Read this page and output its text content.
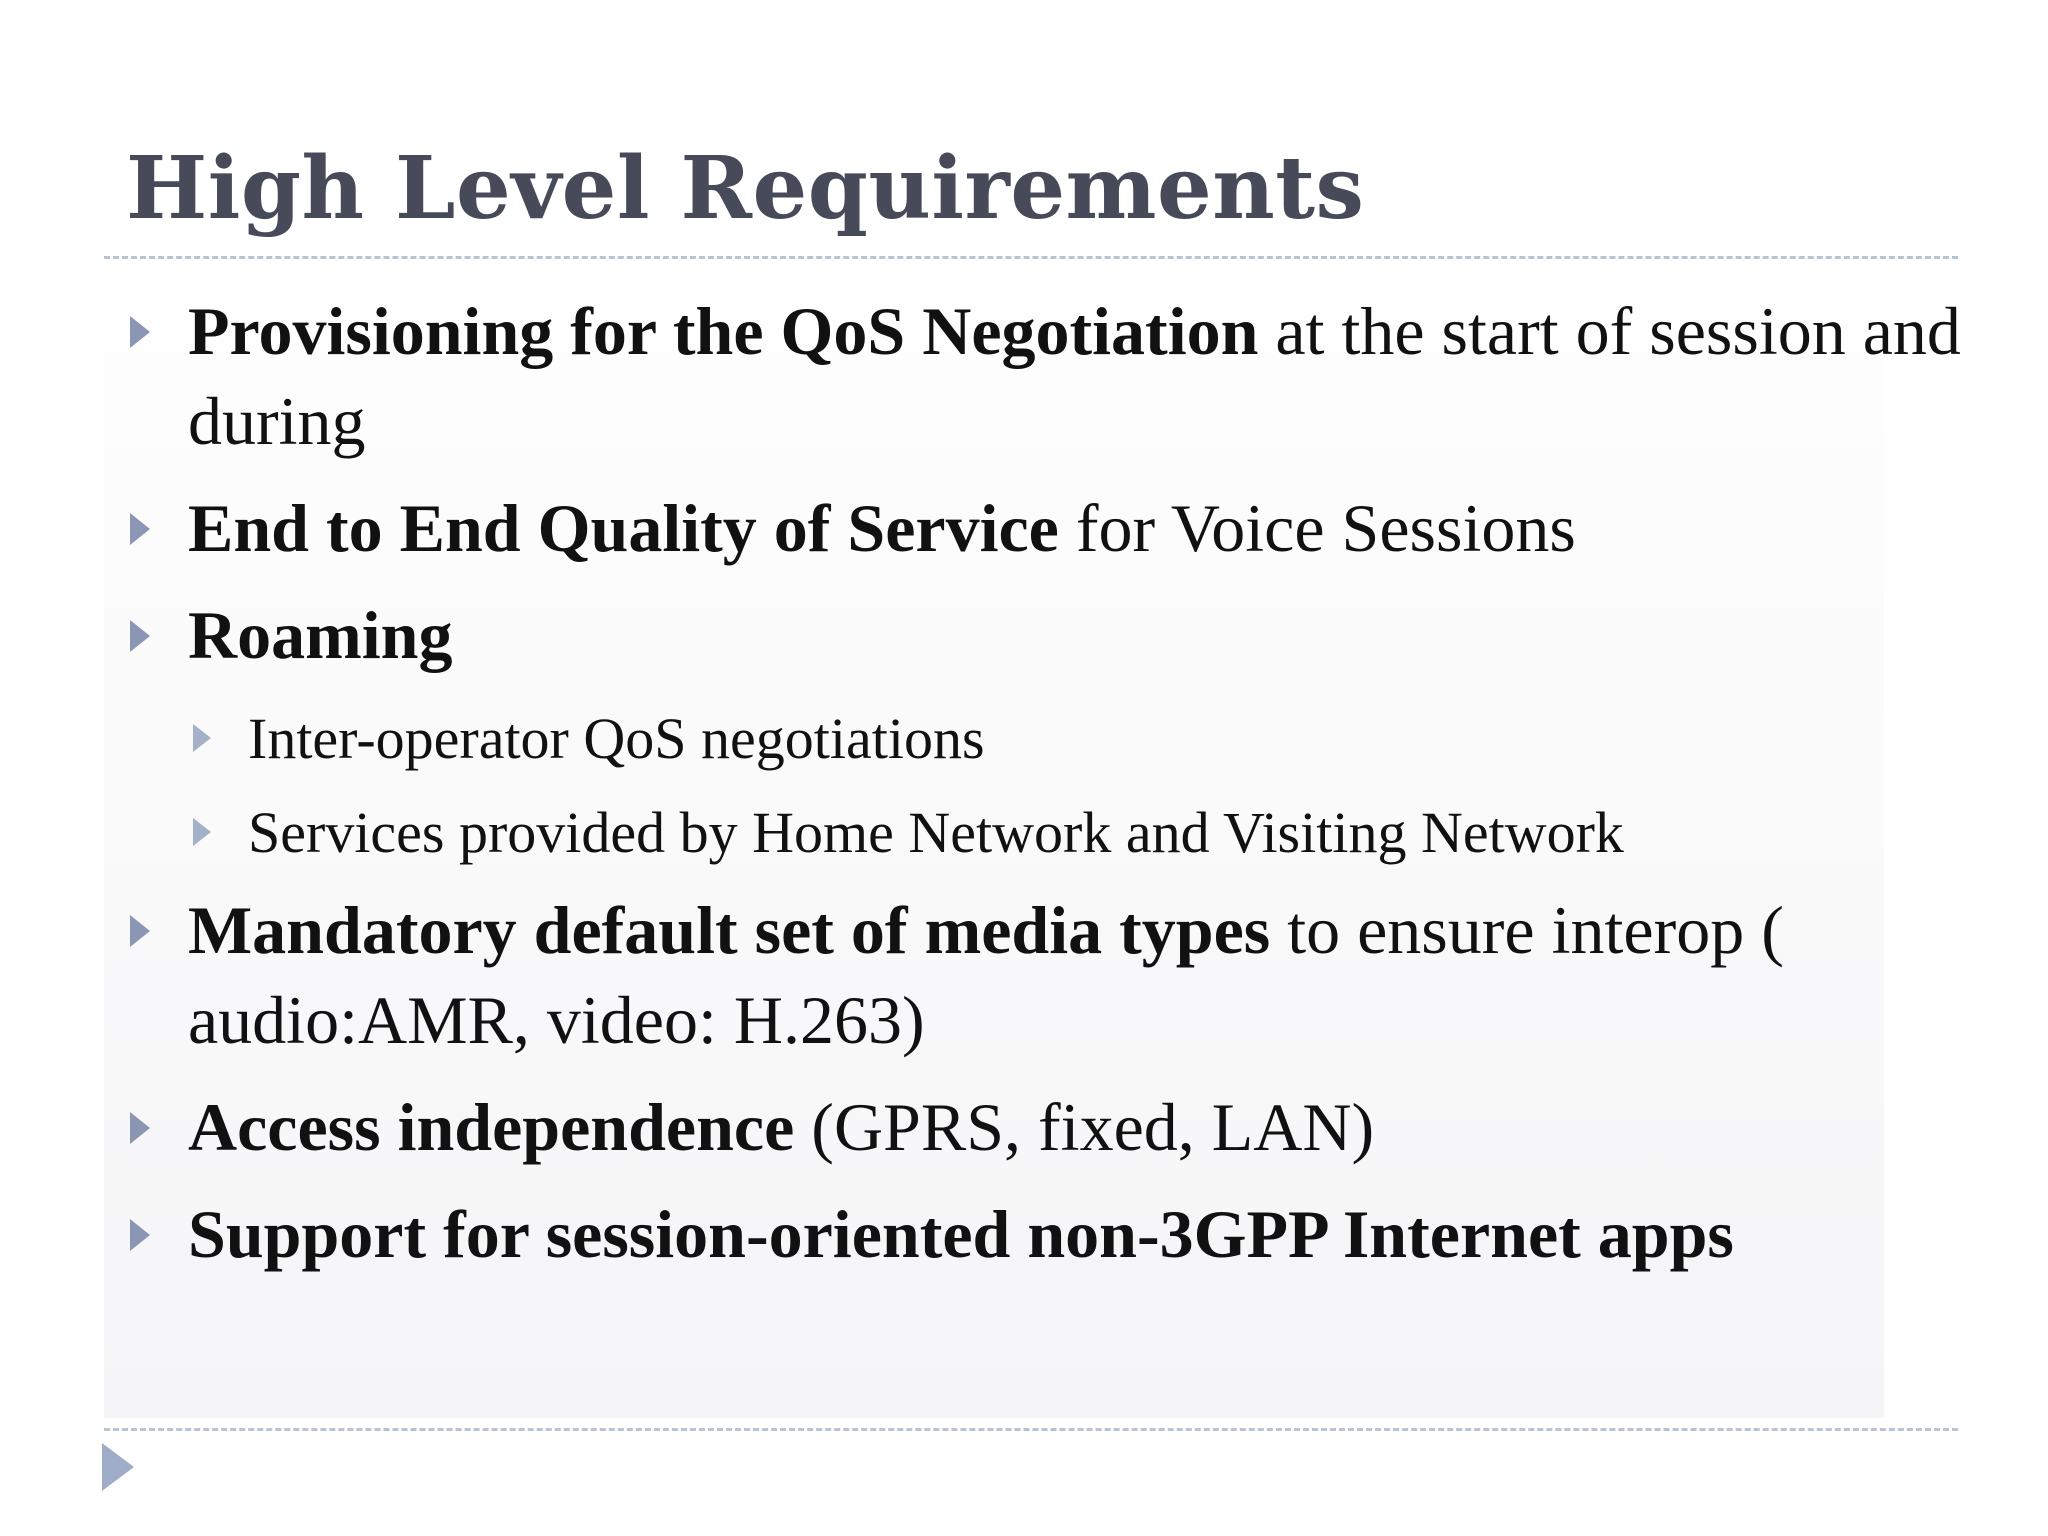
High Level Requirements
Provisioning for the QoS Negotiation at the start of session and during
End to End Quality of Service for Voice Sessions
Roaming
Inter-operator QoS negotiations
Services provided by Home Network and Visiting Network
Mandatory default set of media types to ensure interop ( audio:AMR, video: H.263)
Access independence (GPRS, fixed, LAN)
Support for session-oriented non-3GPP Internet apps
